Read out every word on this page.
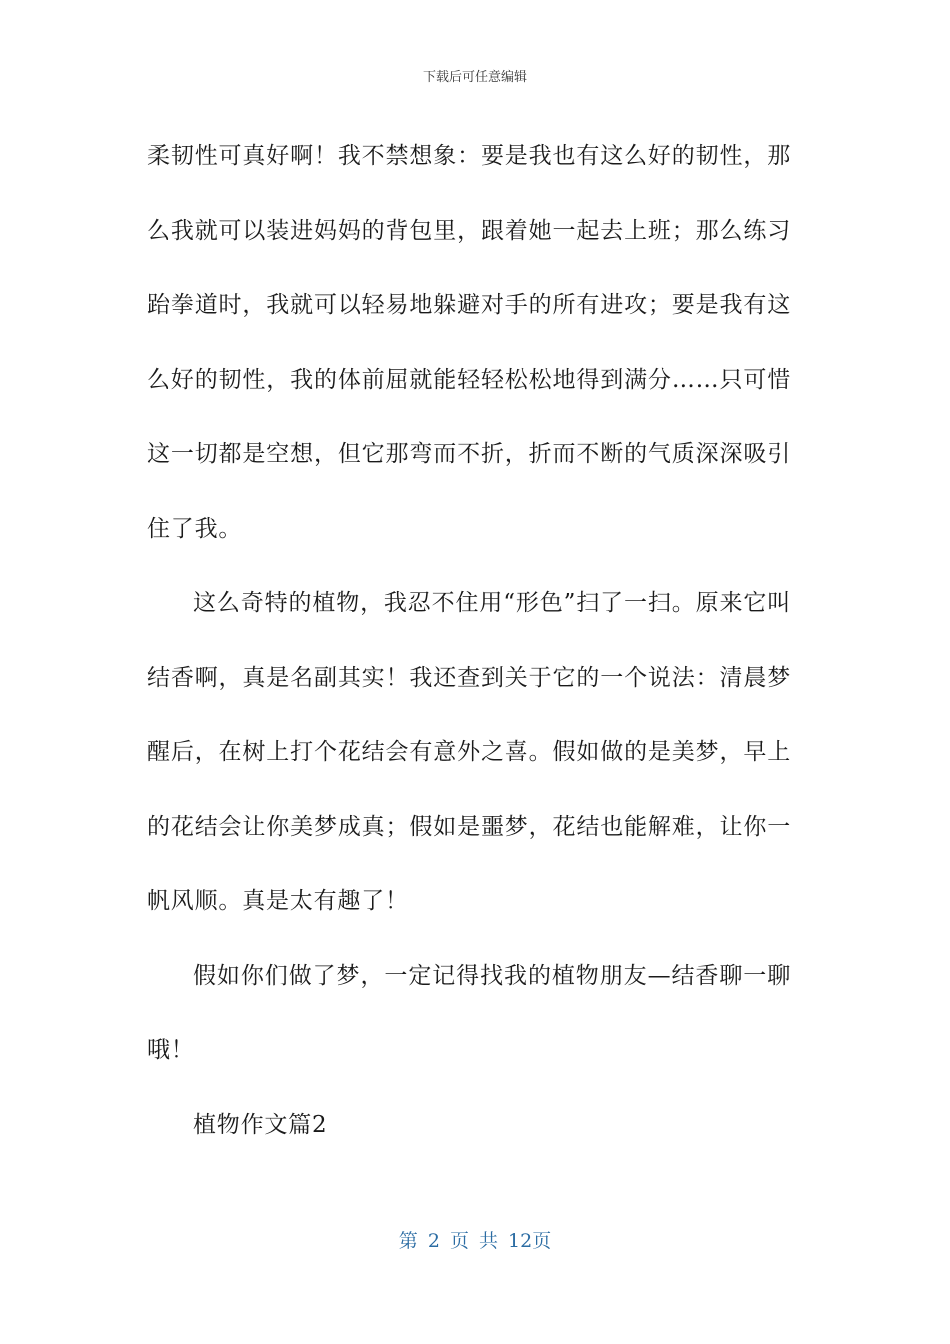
下载后可任意编辑

柔韧性可真好啊！我不禁想象：要是我也有这么好的韧性，那么我就可以装进妈妈的背包里，跟着她一起去上班；那么练习跆拳道时，我就可以轻易地躲避对手的所有进攻；要是我有这么好的韧性，我的体前屈就能轻轻松松地得到满分……只可惜这一切都是空想，但它那弯而不折，折而不断的气质深深吸引住了我。

这么奇特的植物，我忍不住用“形色”扫了一扫。原来它叫结香啊，真是名副其实！我还查到关于它的一个说法：清晨梦醒后，在树上打个花结会有意外之喜。假如做的是美梦，早上的花结会让你美梦成真；假如是噩梦，花结也能解难，让你一帆风顺。真是太有趣了！

假如你们做了梦，一定记得找我的植物朋友—结香聊一聊哦！

植物作文篇2

第 2 页 共 12页
